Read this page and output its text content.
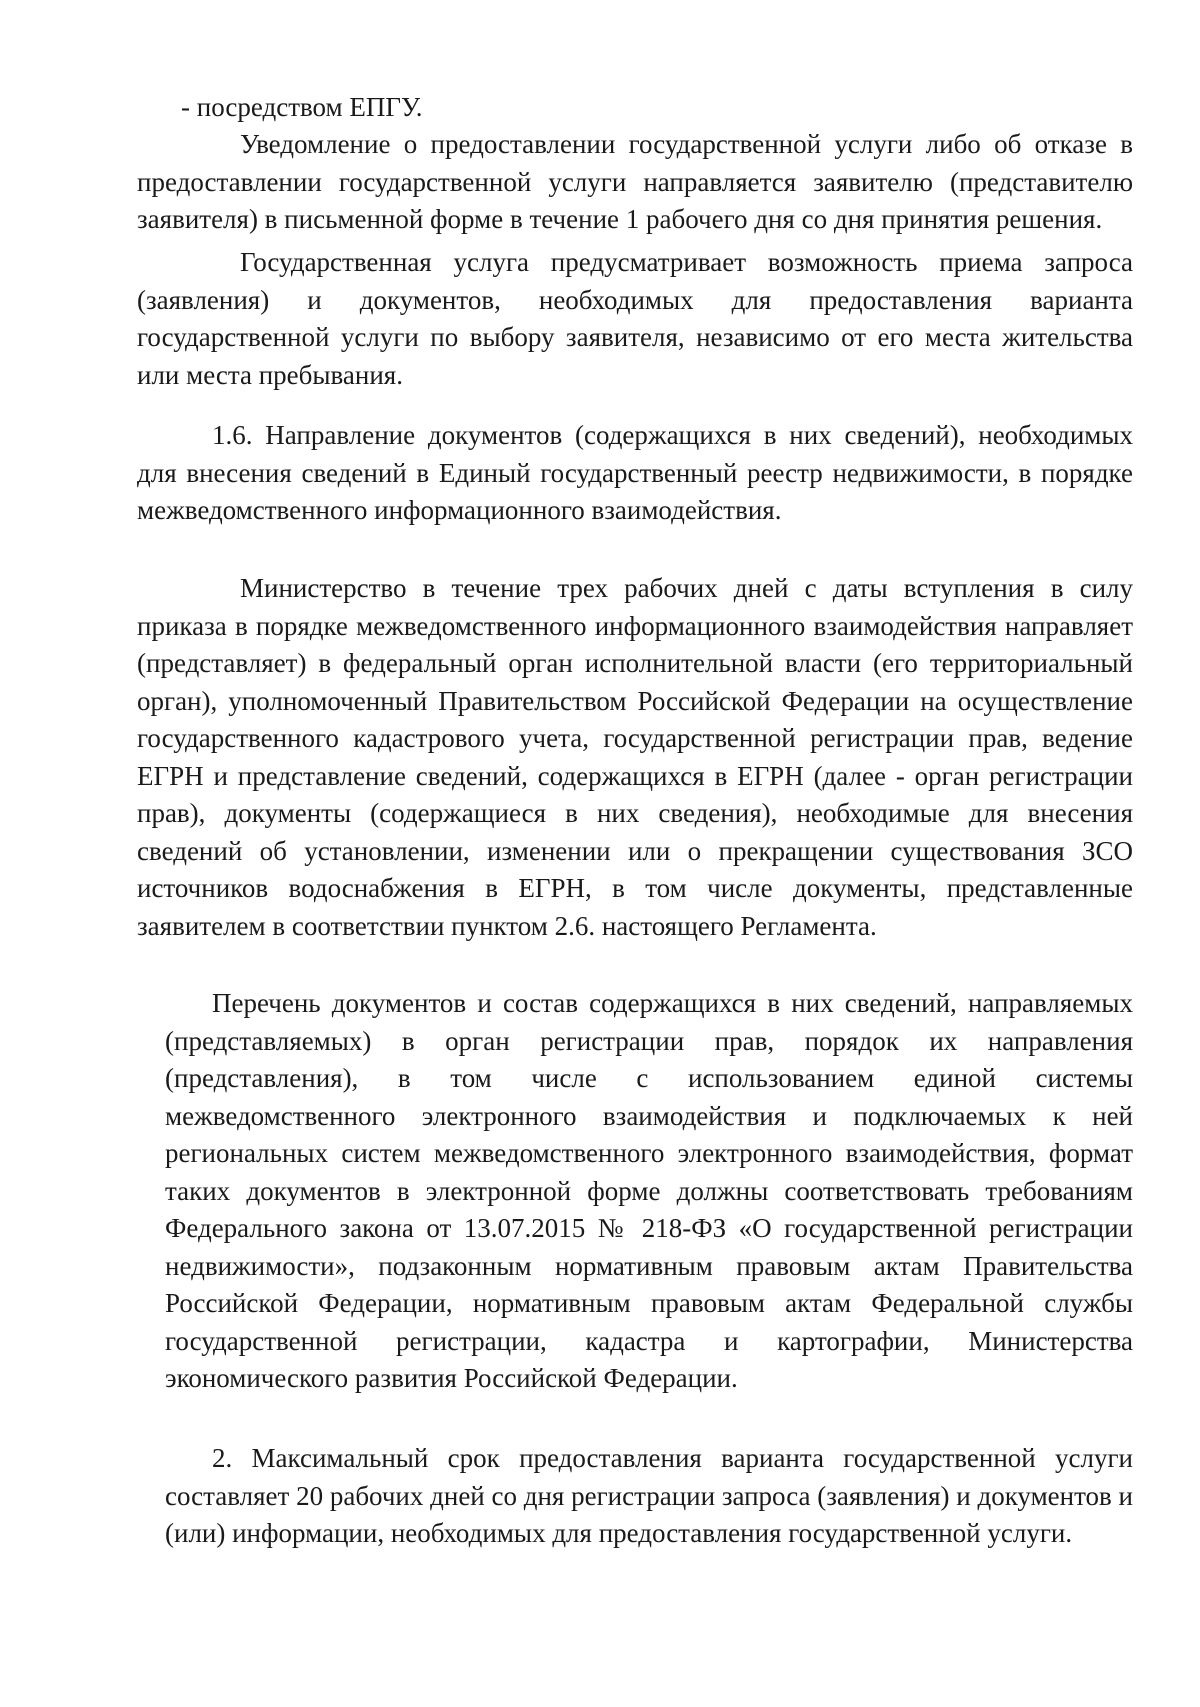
- посредством ЕПГУ.

Уведомление о предоставлении государственной услуги либо об отказе в предоставлении государственной услуги направляется заявителю (представителю заявителя) в письменной форме в течение 1 рабочего дня со дня принятия решения.

Государственная услуга предусматривает возможность приема запроса (заявления) и документов, необходимых для предоставления варианта государственной услуги по выбору заявителя, независимо от его места жительства или места пребывания.

1.6. Направление документов (содержащихся в них сведений), необходимых для внесения сведений в Единый государственный реестр недвижимости, в порядке межведомственного информационного взаимодействия.

Министерство в течение трех рабочих дней с даты вступления в силу приказа в порядке межведомственного информационного взаимодействия направляет (представляет) в федеральный орган исполнительной власти (его территориальный орган), уполномоченный Правительством Российской Федерации на осуществление государственного кадастрового учета, государственной регистрации прав, ведение ЕГРН и представление сведений, содержащихся в ЕГРН (далее - орган регистрации прав), документы (содержащиеся в них сведения), необходимые для внесения сведений об установлении, изменении или о прекращении существования ЗСО источников водоснабжения в ЕГРН, в том числе документы, представленные заявителем в соответствии пунктом 2.6. настоящего Регламента.

Перечень документов и состав содержащихся в них сведений, направляемых (представляемых) в орган регистрации прав, порядок их направления (представления), в том числе с использованием единой системы межведомственного электронного взаимодействия и подключаемых к ней региональных систем межведомственного электронного взаимодействия, формат таких документов в электронной форме должны соответствовать требованиям Федерального закона от 13.07.2015 № 218-ФЗ «О государственной регистрации недвижимости», подзаконным нормативным правовым актам Правительства Российской Федерации, нормативным правовым актам Федеральной службы государственной регистрации, кадастра и картографии, Министерства экономического развития Российской Федерации.

2. Максимальный срок предоставления варианта государственной услуги составляет 20 рабочих дней со дня регистрации запроса (заявления) и документов и (или) информации, необходимых для предоставления государственной услуги.
